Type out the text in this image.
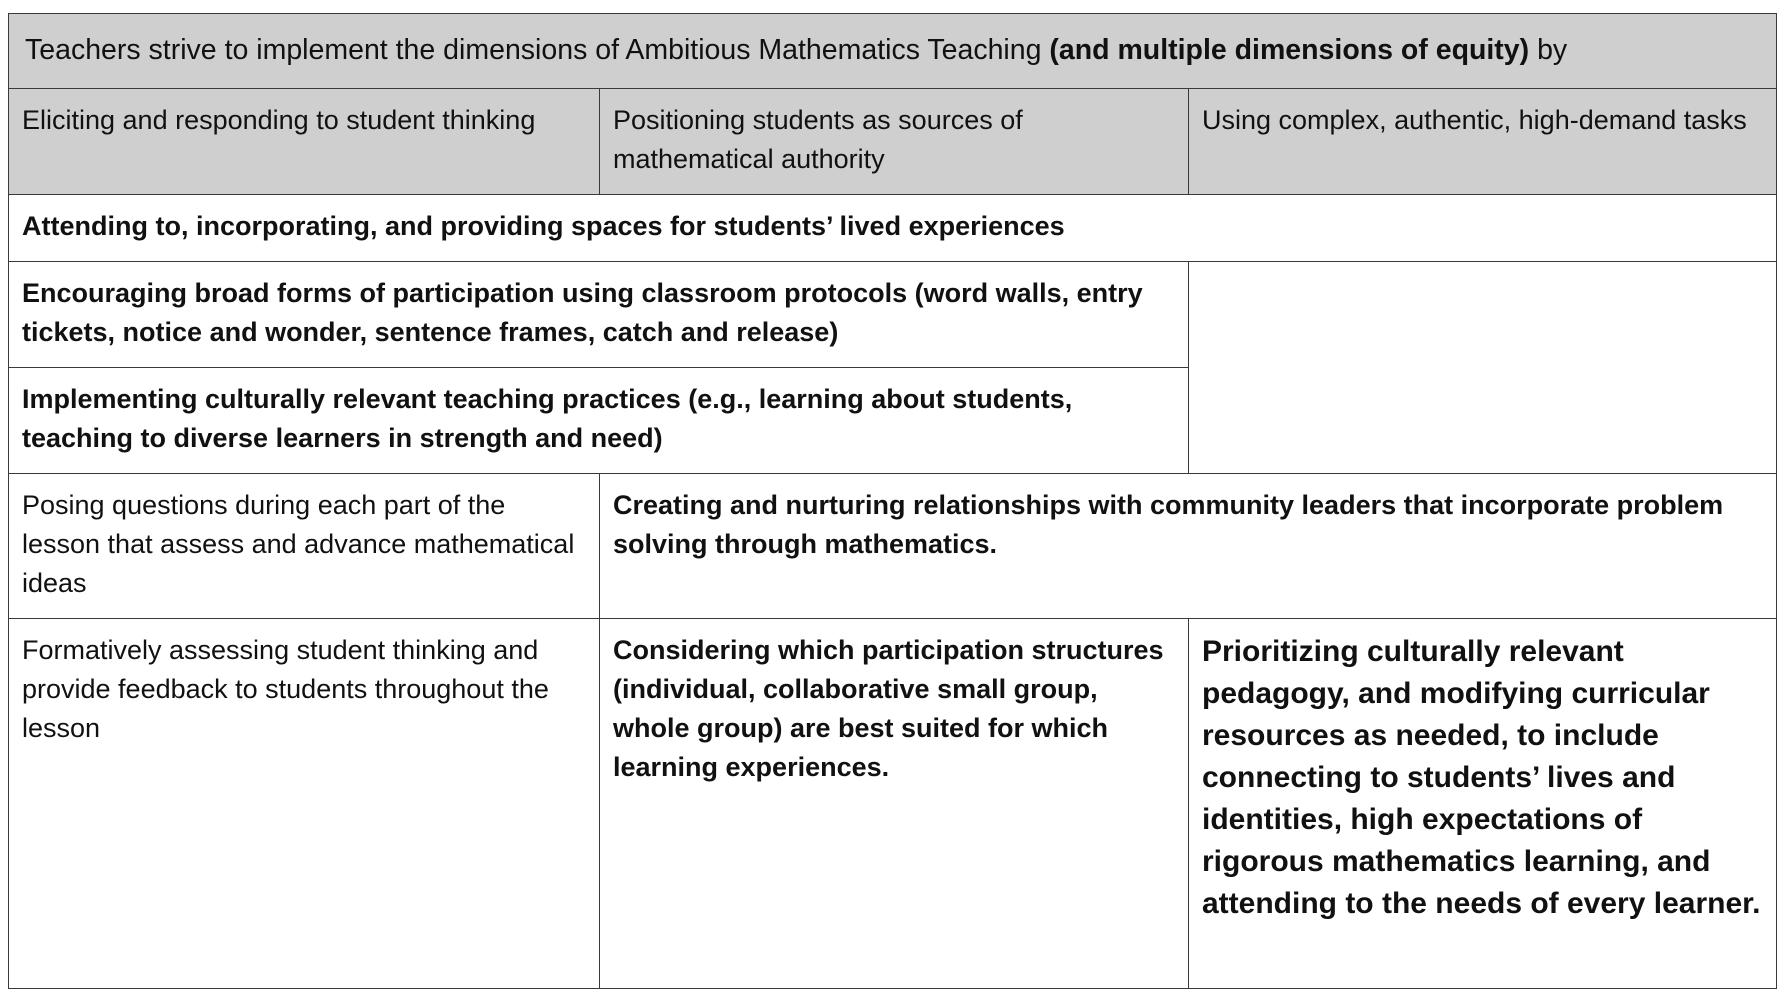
Teachers strive to implement the dimensions of Ambitious Mathematics Teaching (and multiple dimensions of equity) by		
Eliciting and responding to student thinking	Positioning students as sources of mathematical authority	Using complex, authentic, high-demand tasks
Attending to, incorporating, and providing spaces for students’ lived experiences		
Encouraging broad forms of participation using classroom protocols (word walls, entry tickets, notice and wonder, sentence frames, catch and release)		
Implementing culturally relevant teaching practices (e.g., learning about students, teaching to diverse learners in strength and need)		
Posing questions during each part of the lesson that assess and advance mathematical ideas	Creating and nurturing relationships with community leaders that incorporate problem solving through mathematics.	
Formatively assessing student thinking and provide feedback to students throughout the lesson	Considering which participation structures (individual, collaborative small group, whole group) are best suited for which learning experiences.	Prioritizing culturally relevant pedagogy, and modifying curricular resources as needed, to include connecting to students’ lives and identities, high expectations of rigorous mathematics learning, and attending to the needs of every learner.
